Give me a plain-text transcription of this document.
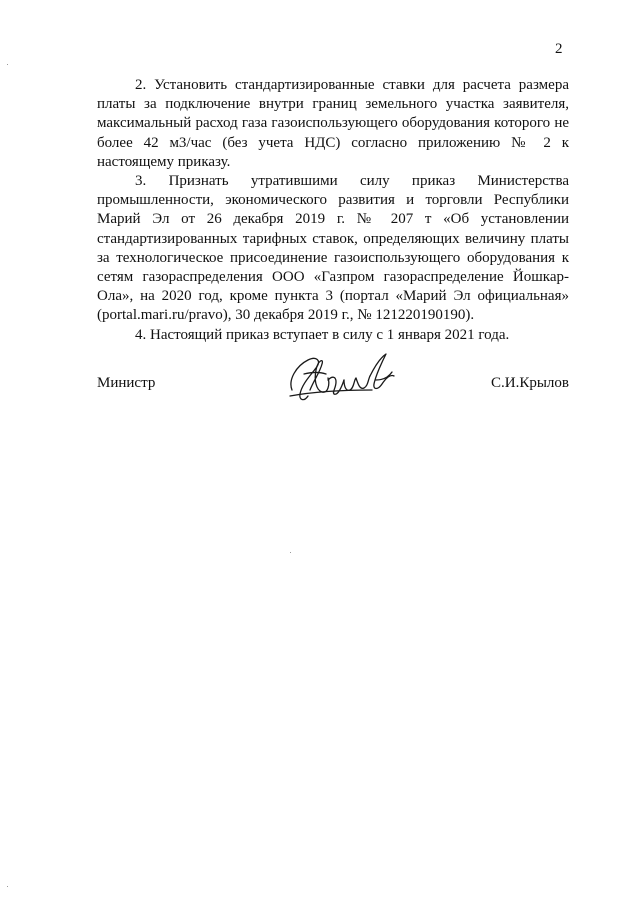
2

2. Установить стандартизированные ставки для расчета размера платы за подключение внутри границ земельного участка заявителя, максимальный расход газа газоиспользующего оборудования которого не более 42 м3/час (без учета НДС) согласно приложению № 2 к настоящему приказу.

3. Признать утратившими силу приказ Министерства промышленности, экономического развития и торговли Республики Марий Эл от 26 декабря 2019 г. № 207 т «Об установлении стандартизированных тарифных ставок, определяющих величину платы за технологическое присоединение газоиспользующего оборудования к сетям газораспределения ООО «Газпром газораспределение Йошкар-Ола», на 2020 год, кроме пункта 3 (портал «Марий Эл официальная» (portal.mari.ru/pravo), 30 декабря 2019 г., № 121220190190).

4. Настоящий приказ вступает в силу с 1 января 2021 года.

Министр	С.И.Крылов
